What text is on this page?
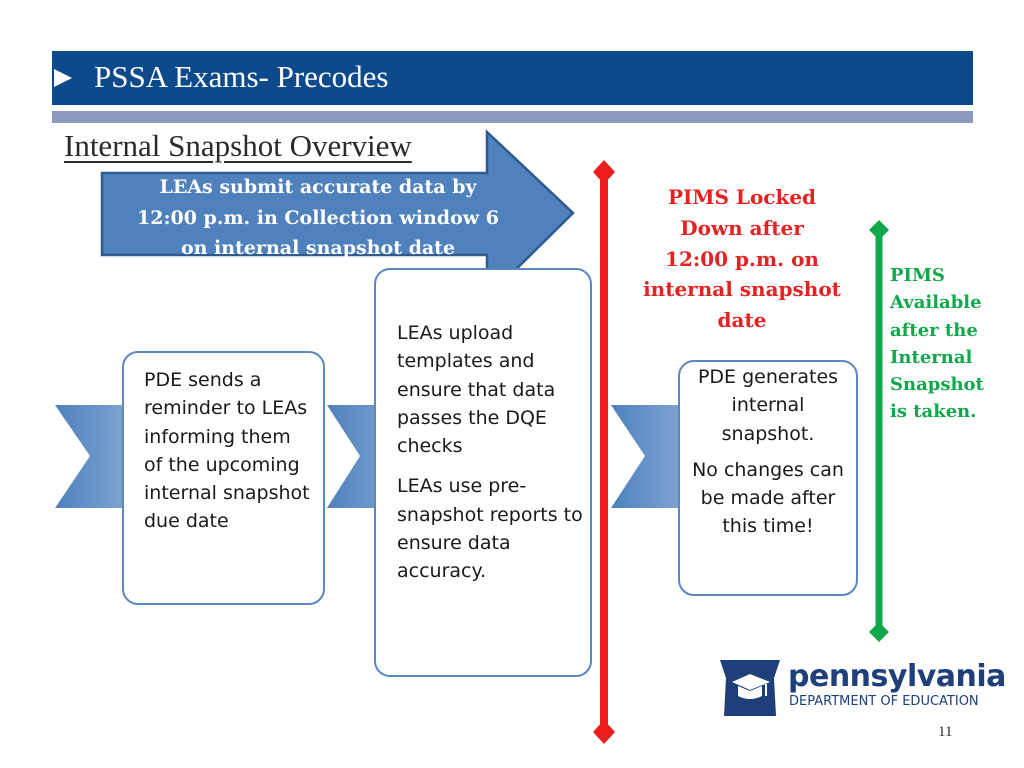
PSSA Exams- Precodes
Internal Snapshot Overview
LEAs submit accurate data by
12:00 p.m. in Collection window 6
on internal snapshot date
PDE sends a reminder to LEAs informing them of the upcoming internal snapshot due date
LEAs upload templates and ensure that data passes the DQE checks
LEAs use pre-snapshot reports to ensure data accuracy.
PDE generates internal snapshot.
No changes can be made after this time!
PIMS Locked
Down after
12:00 p.m. on
internal snapshot
date
PIMS
Available
after the
Internal
Snapshot
is taken.
pennsylvania
DEPARTMENT OF EDUCATION
11
